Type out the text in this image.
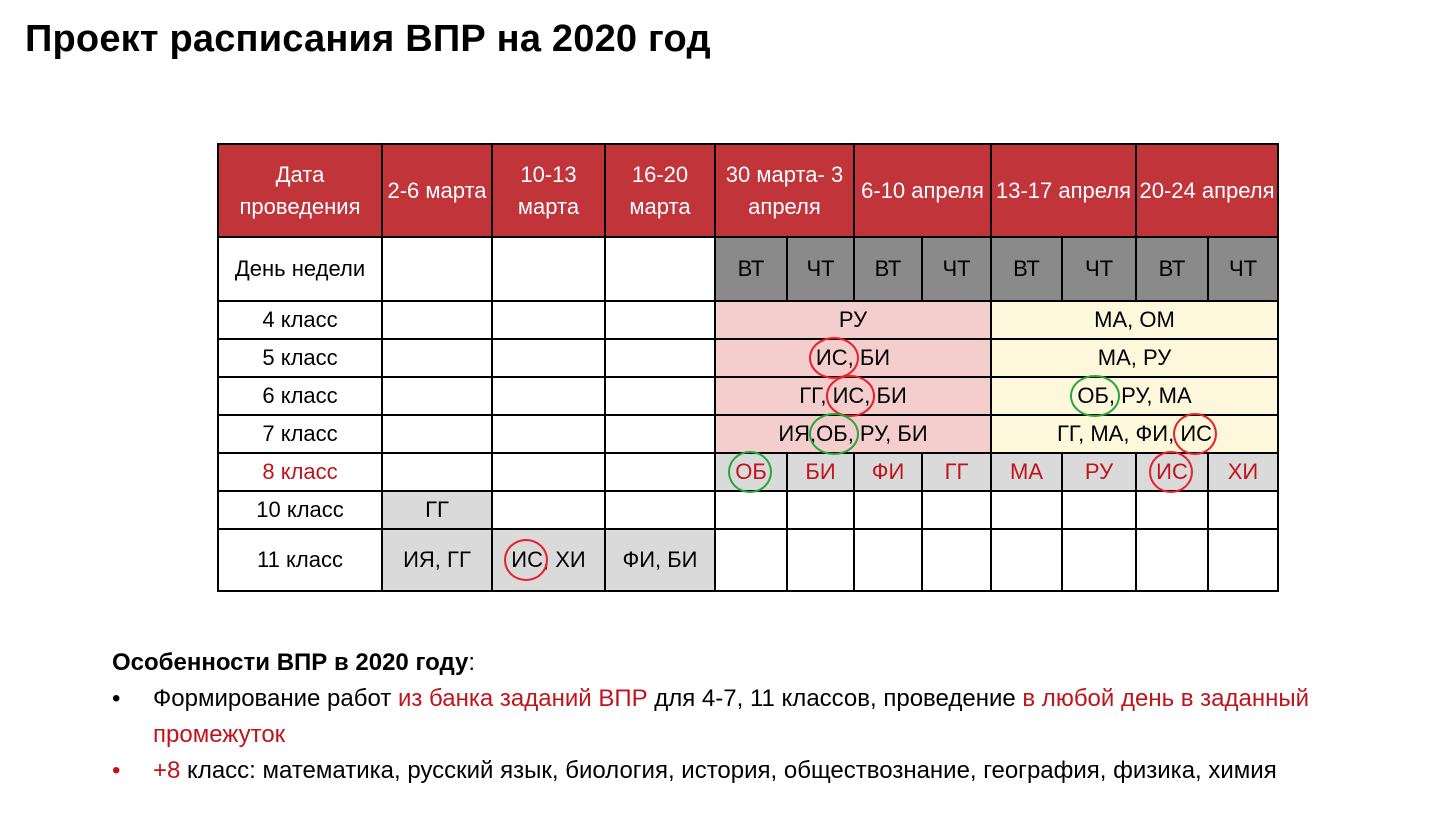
Проект расписания ВПР на 2020 год
Дата проведения	2-6 марта	10-13 марта	16-20 марта	30 марта- 3 апреля		6-10 апреля		13-17 апреля		20-24 апреля	
День недели				ВТ	ЧТ	ВТ	ЧТ	ВТ	ЧТ	ВТ	ЧТ
4 класс				РУ				МА, ОМ			
5 класс				ИС, БИ				МА, РУ			
6 класс				ГГ, ИС, БИ				ОБ, РУ, МА			
7 класс				ИЯ,ОБ, РУ, БИ				ГГ, МА, ФИ, ИС			
8 класс				ОБ	БИ	ФИ	ГГ	МА	РУ	ИС	ХИ
10 класс	ГГ										
11 класс	ИЯ, ГГ	ИС, ХИ	ФИ, БИ								

Особенности ВПР в 2020 году:

• Формирование работ из банка заданий ВПР для 4-7, 11 классов, проведение в любой день в заданный промежуток
• +8 класс: математика, русский язык, биология, история, обществознание, география, физика, химия
